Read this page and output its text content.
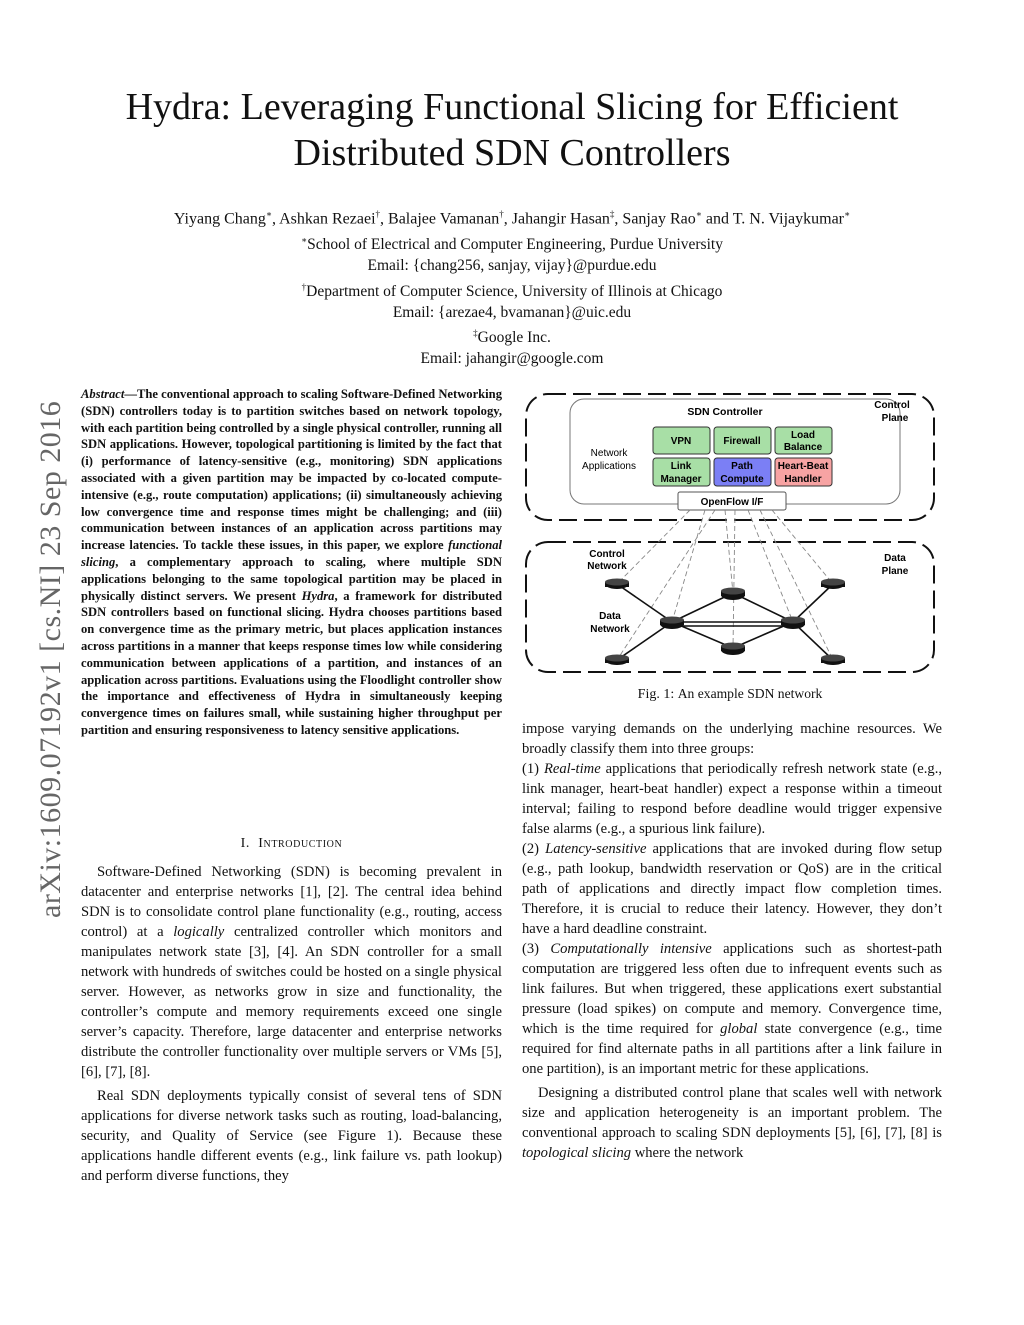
Hydra: Leveraging Functional Slicing for Efficient
Distributed SDN Controllers
Yiyang Chang∗, Ashkan Rezaei†, Balajee Vamanan†, Jahangir Hasan‡, Sanjay Rao∗ and T. N. Vijaykumar∗
∗School of Electrical and Computer Engineering, Purdue University
Email: {chang256, sanjay, vijay}@purdue.edu
†Department of Computer Science, University of Illinois at Chicago
Email: {arezae4, bvamanan}@uic.edu
‡Google Inc.
Email: jahangir@google.com
arXiv:1609.07192v1 [cs.NI] 23 Sep 2016
Abstract—The conventional approach to scaling Software-Defined Networking (SDN) controllers today is to partition switches based on network topology, with each partition being controlled by a single physical controller, running all SDN applications. However, topological partitioning is limited by the fact that (i) performance of latency-sensitive (e.g., monitoring) SDN applications associated with a given partition may be impacted by co-located compute-intensive (e.g., route computation) applications; (ii) simultaneously achieving low convergence time and response times might be challenging; and (iii) communication between instances of an application across partitions may increase latencies. To tackle these issues, in this paper, we explore functional slicing, a complementary approach to scaling, where multiple SDN applications belonging to the same topological partition may be placed in physically distinct servers. We present Hydra, a framework for distributed SDN controllers based on functional slicing. Hydra chooses partitions based on convergence time as the primary metric, but places application instances across partitions in a manner that keeps response times low while considering communication between applications of a partition, and instances of an application across partitions. Evaluations using the Floodlight controller show the importance and effectiveness of Hydra in simultaneously keeping convergence times on failures small, while sustaining higher throughput per partition and ensuring responsiveness to latency sensitive applications.
I. Introduction

Software-Defined Networking (SDN) is becoming prevalent in datacenter and enterprise networks [1], [2]. The central idea behind SDN is to consolidate control plane functionality (e.g., routing, access control) at a logically centralized controller which monitors and manipulates network state [3], [4]. An SDN controller for a small network with hundreds of switches could be hosted on a single physical server. However, as networks grow in size and functionality, the controller’s compute and memory requirements exceed one single server’s capacity. Therefore, large datacenter and enterprise networks distribute the controller functionality over multiple servers or VMs [5], [6], [7], [8].

Real SDN deployments typically consist of several tens of SDN applications for diverse network tasks such as routing, load-balancing, security, and Quality of Service (see Figure 1). Because these applications handle different events (e.g., link failure vs. path lookup) and perform diverse functions, they

SDN Controller
Control
Plane
Network
Applications
VPN	Firewall
Load
Balance
Link
Manager
Path
Compute
Heart-Beat
Handler
OpenFlow I/F
Control
Network
Data
Plane
Data
Network
Fig. 1: An example SDN network

impose varying demands on the underlying machine resources. We broadly classify them into three groups:

(1) Real-time applications that periodically refresh network state (e.g., link manager, heart-beat handler) expect a response within a timeout interval; failing to respond before deadline would trigger expensive false alarms (e.g., a spurious link failure).

(2) Latency-sensitive applications that are invoked during flow setup (e.g., path lookup, bandwidth reservation or QoS) are in the critical path of applications and directly impact flow completion times. Therefore, it is crucial to reduce their latency. However, they don’t have a hard deadline constraint.

(3) Computationally intensive applications such as shortest-path computation are triggered less often due to infrequent events such as link failures. But when triggered, these applications exert substantial pressure (load spikes) on compute and memory. Convergence time, which is the time required for global state convergence (e.g., time required for find alternate paths in all partitions after a link failure in one partition), is an important metric for these applications.

Designing a distributed control plane that scales well with network size and application heterogeneity is an important problem. The conventional approach to scaling SDN deployments [5], [6], [7], [8] is topological slicing where the network
